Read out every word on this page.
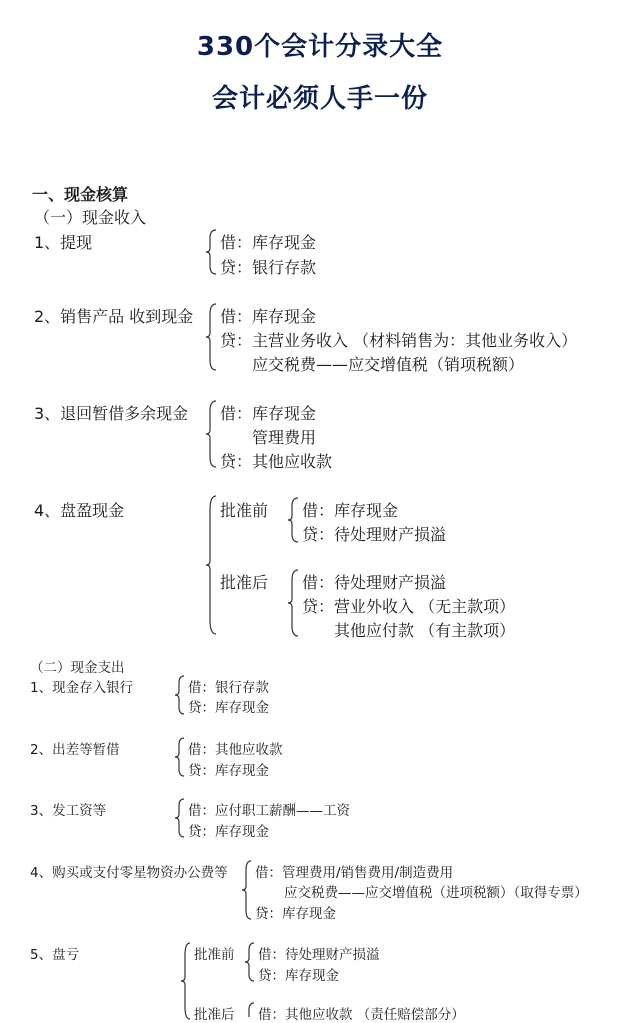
330个会计分录大全
会计必须人手一份
一、现金核算
（一）现金收入
1、提现	借：库存现金
贷：银行存款
2、销售产品 收到现金 借：库存现金
贷：主营业务收入 （材料销售为：其他业务收入）
应交税费——应交增值税（销项税额）
3、退回暂借多余现金 借：库存现金
管理费用
贷：其他应收款
4、盘盈现金	批准前 借：库存现金
贷：待处理财产损溢
批准后 借：待处理财产损溢
贷：营业外收入 （无主款项）
其他应付款 （有主款项）
（二）现金支出
1、现金存入银行	借：银行存款
贷：库存现金
2、出差等暂借	借：其他应收款
贷：库存现金
3、发工资等	借：应付职工薪酬——工资
贷：库存现金
4、购买或支付零星物资办公费等 借：管理费用/销售费用/制造费用
应交税费——应交增值税（进项税额）（取得专票）
贷：库存现金
5、盘亏	批准前 借：待处理财产损溢
贷：库存现金
批准后 借：其他应收款 （责任赔偿部分）
